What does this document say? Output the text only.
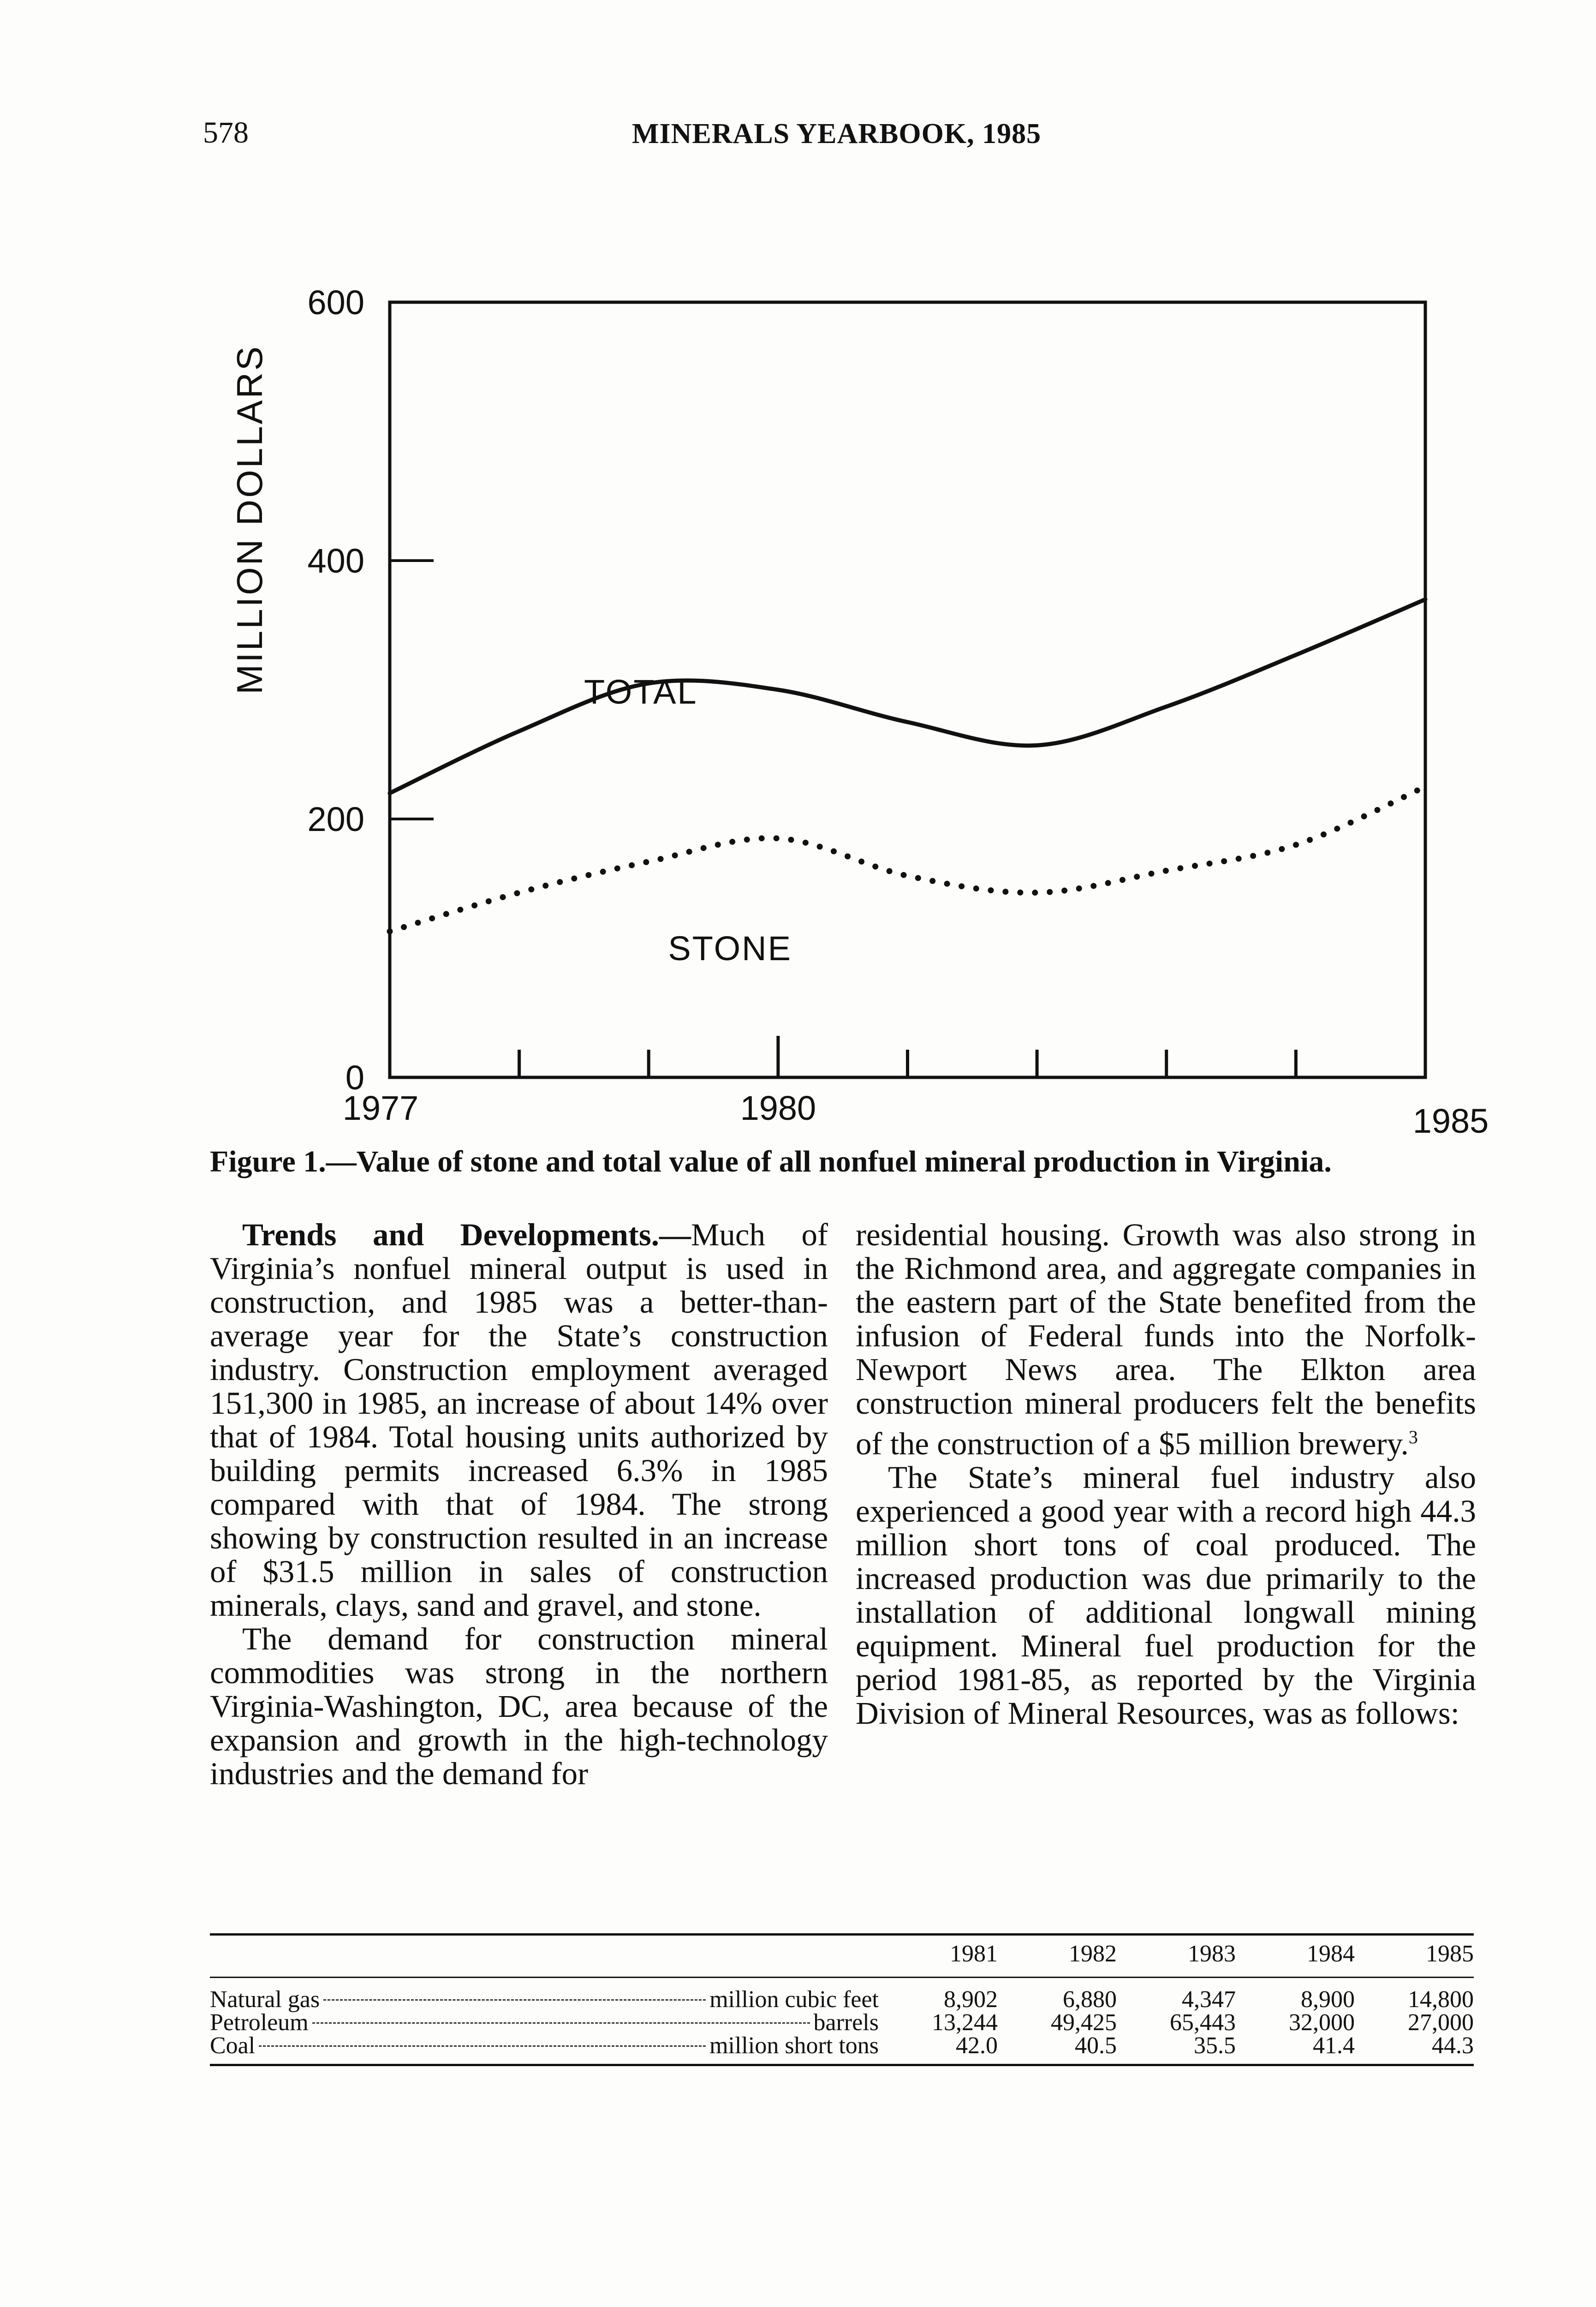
578	MINERALS YEARBOOK, 1985
0
200
400
600
1977	1980	1985
TOTAL
STONE
MILLION DOLLARS
Figure 1.—Value of stone and total value of all nonfuel mineral production in Virginia.

Trends and Developments.—Much of Virginia’s nonfuel mineral output is used in construction, and 1985 was a better-than-average year for the State’s construction industry. Construction employment averaged 151,300 in 1985, an increase of about 14% over that of 1984. Total housing units authorized by building permits increased 6.3% in 1985 compared with that of 1984. The strong showing by construction resulted in an increase of $31.5 million in sales of construction minerals, clays, sand and gravel, and stone.

The demand for construction mineral commodities was strong in the northern Virginia-Washington, DC, area because of the expansion and growth in the high-technology industries and the demand for

residential housing. Growth was also strong in the Richmond area, and aggregate companies in the eastern part of the State benefited from the infusion of Federal funds into the Norfolk-Newport News area. The Elkton area construction mineral producers felt the benefits of the construction of a $5 million brewery.$^3$

The State’s mineral fuel industry also experienced a good year with a record high 44.3 million short tons of coal produced. The increased production was due primarily to the installation of additional longwall mining equipment. Mineral fuel production for the period 1981-85, as reported by the Virginia Division of Mineral Resources, was as follows:

	1981	1982	1983	1984	1985

Natural gas million cubic feet	8,902	6,880	4,347	8,900	14,800

Petroleum barrels	13,244	49,425	65,443	32,000	27,000

Coal million short tons	42.0	40.5	35.5	41.4	44.3
